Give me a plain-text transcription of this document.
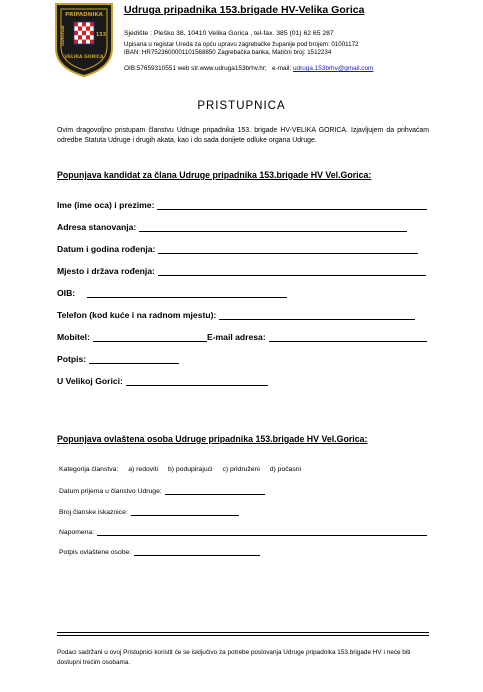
PRIPADNIKA
UDRUGA	153
VELIKA GORICA
Udruga pripadnika 153.brigade HV-Velika Gorica
Sjedište : Pleško 38, 10410 Velika Gorica , tel-fax. 385 (01) 62 65 287
Upisana u registar Ureda za opću upravu zagrebačke županije pod brojem: 01001172
IBAN: HR7523600001101568850 Zagrebačka banka, Matični broj: 1512234
OIB:57659310551 web str.www.udruga153brhv.hr; e-mail: udruga.153brhv@gmail.com
PRISTUPNICA
Ovim dragovoljno pristupam članstvu Udruge pripadnika 153. brigade HV-VELIKA GORICA. Izjavljujem da prihvaćam odredbe Statuta Udruge i drugih akata, kao i do sada donijete odluke organa Udruge.
Popunjava kandidat za člana Udruge pripadnika 153.brigade HV Vel.Gorica:
Ime (ime oca) i prezime:
Adresa stanovanja:
Datum i godina rođenja:
Mjesto i država rođenja:
OIB:
Telefon (kod kuće i na radnom mjestu):
Mobitel:	E-mail adresa:
Potpis:
U Velikoj Gorici:
Popunjava ovlaštena osoba Udruge pripadnika 153.brigade HV Vel.Gorica:
Kategorija članstva: a) redoviti b) podupirajući c) pridruženi d) počasni
Datum prijema u članstvo Udruge:
Broj članske iskaznice:
Napomena:
Potpis ovlaštene osobe:
Podaci sadržani u ovoj Pristupnici koristit će se isključivo za potrebe poslovanja Udruge pripadnika 153.brigade HV i neće biti dostupni trećim osobama.
